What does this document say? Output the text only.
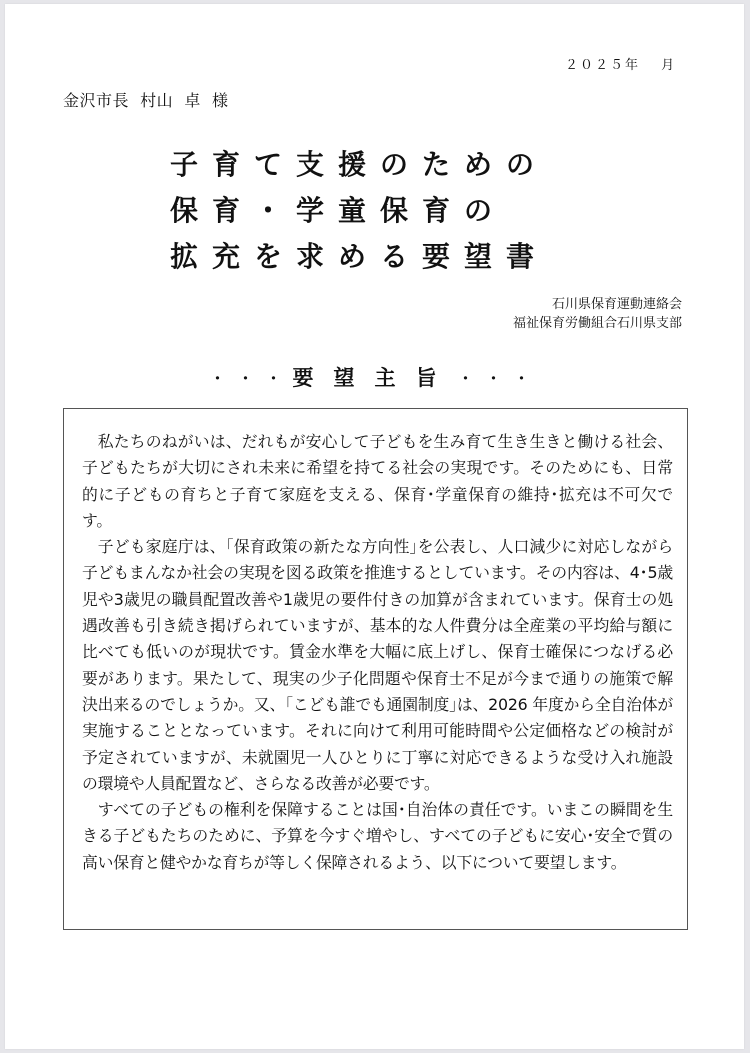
２０２５年　 月
金沢市長  村山  卓  様
子育て支援のための
保育・学童保育の
拡充を求める要望書
石川県保育運動連絡会
福祉保育労働組合石川県支部
・・・要望主旨・・・

私たちのねがいは、だれもが安心して子どもを生み育て生き生きと働ける社会、子どもたちが大切にされ未来に希望を持てる社会の実現です。そのためにも、日常的に子どもの育ちと子育て家庭を支える、保育･学童保育の維持･拡充は不可欠です。

子ども家庭庁は、｢保育政策の新たな方向性｣を公表し、人口減少に対応しながら子どもまんなか社会の実現を図る政策を推進するとしています。その内容は、4･5歳児や3歳児の職員配置改善や1歳児の要件付きの加算が含まれています。保育士の処遇改善も引き続き掲げられていますが、基本的な人件費分は全産業の平均給与額に比べても低いのが現状です。賃金水準を大幅に底上げし、保育士確保につなげる必要があります。果たして、現実の少子化問題や保育士不足が今まで通りの施策で解決出来るのでしょうか。又、｢こども誰でも通園制度｣は、2026 年度から全自治体が実施することとなっています。それに向けて利用可能時間や公定価格などの検討が予定されていますが、未就園児一人ひとりに丁寧に対応できるような受け入れ施設の環境や人員配置など、さらなる改善が必要です。

すべての子どもの権利を保障することは国･自治体の責任です。いまこの瞬間を生きる子どもたちのために、予算を今すぐ増やし、すべての子どもに安心･安全で質の高い保育と健やかな育ちが等しく保障されるよう、以下について要望します。
